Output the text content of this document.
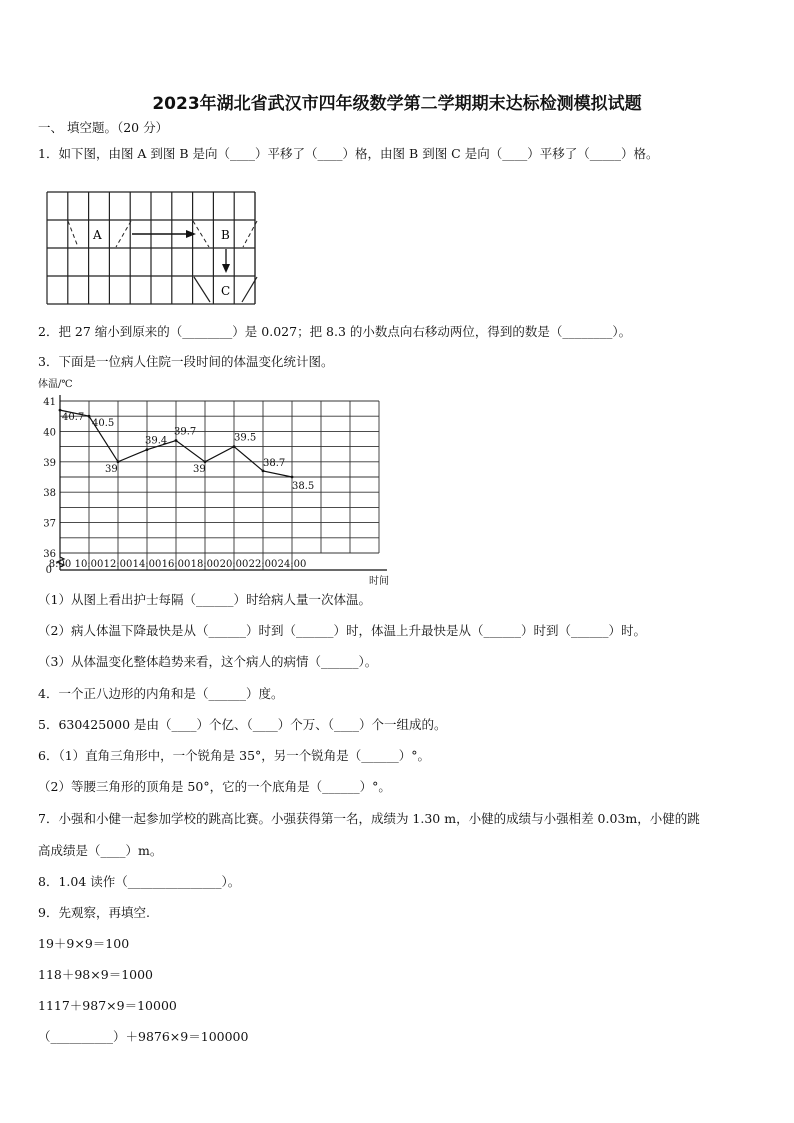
2023年湖北省武汉市四年级数学第二学期期末达标检测模拟试题
一、 填空题。（20 分）
1．如下图，由图 A 到图 B 是向（____）平移了（____）格，由图 B 到图 C 是向（____）平移了（_____）格。
A	B
C
2．把 27 缩小到原来的（________）是 0.027；把 8.3 的小数点向右移动两位，得到的数是（________）。
3．下面是一位病人住院一段时间的体温变化统计图。
36
37
38
39
40
41
0
体温/℃
时间
8:00 10:00 12:00 14:00 16:00 18:00 20:00 22:00 24:00
40.7
40.5
39
39.4
39.7
39
39.5
38.7
38.5
（1）从图上看出护士每隔（______）时给病人量一次体温。
（2）病人体温下降最快是从（______）时到（______）时，体温上升最快是从（______）时到（______）时。
（3）从体温变化整体趋势来看，这个病人的病情（______）。
4．一个正八边形的内角和是（______）度。
5．630425000 是由（____）个亿、（____）个万、（____）个一组成的。
6．（1）直角三角形中，一个锐角是 35°，另一个锐角是（______）°。
（2）等腰三角形的顶角是 50°，它的一个底角是（______）°。
7．小强和小健一起参加学校的跳高比赛。小强获得第一名，成绩为 1.30 m，小健的成绩与小强相差 0.03m，小健的跳
高成绩是（____）m。
8．1.04 读作（_______________）。
9．先观察，再填空.
19＋9×9＝100
118＋98×9＝1000
1117＋987×9＝10000
（__________）＋9876×9＝100000
